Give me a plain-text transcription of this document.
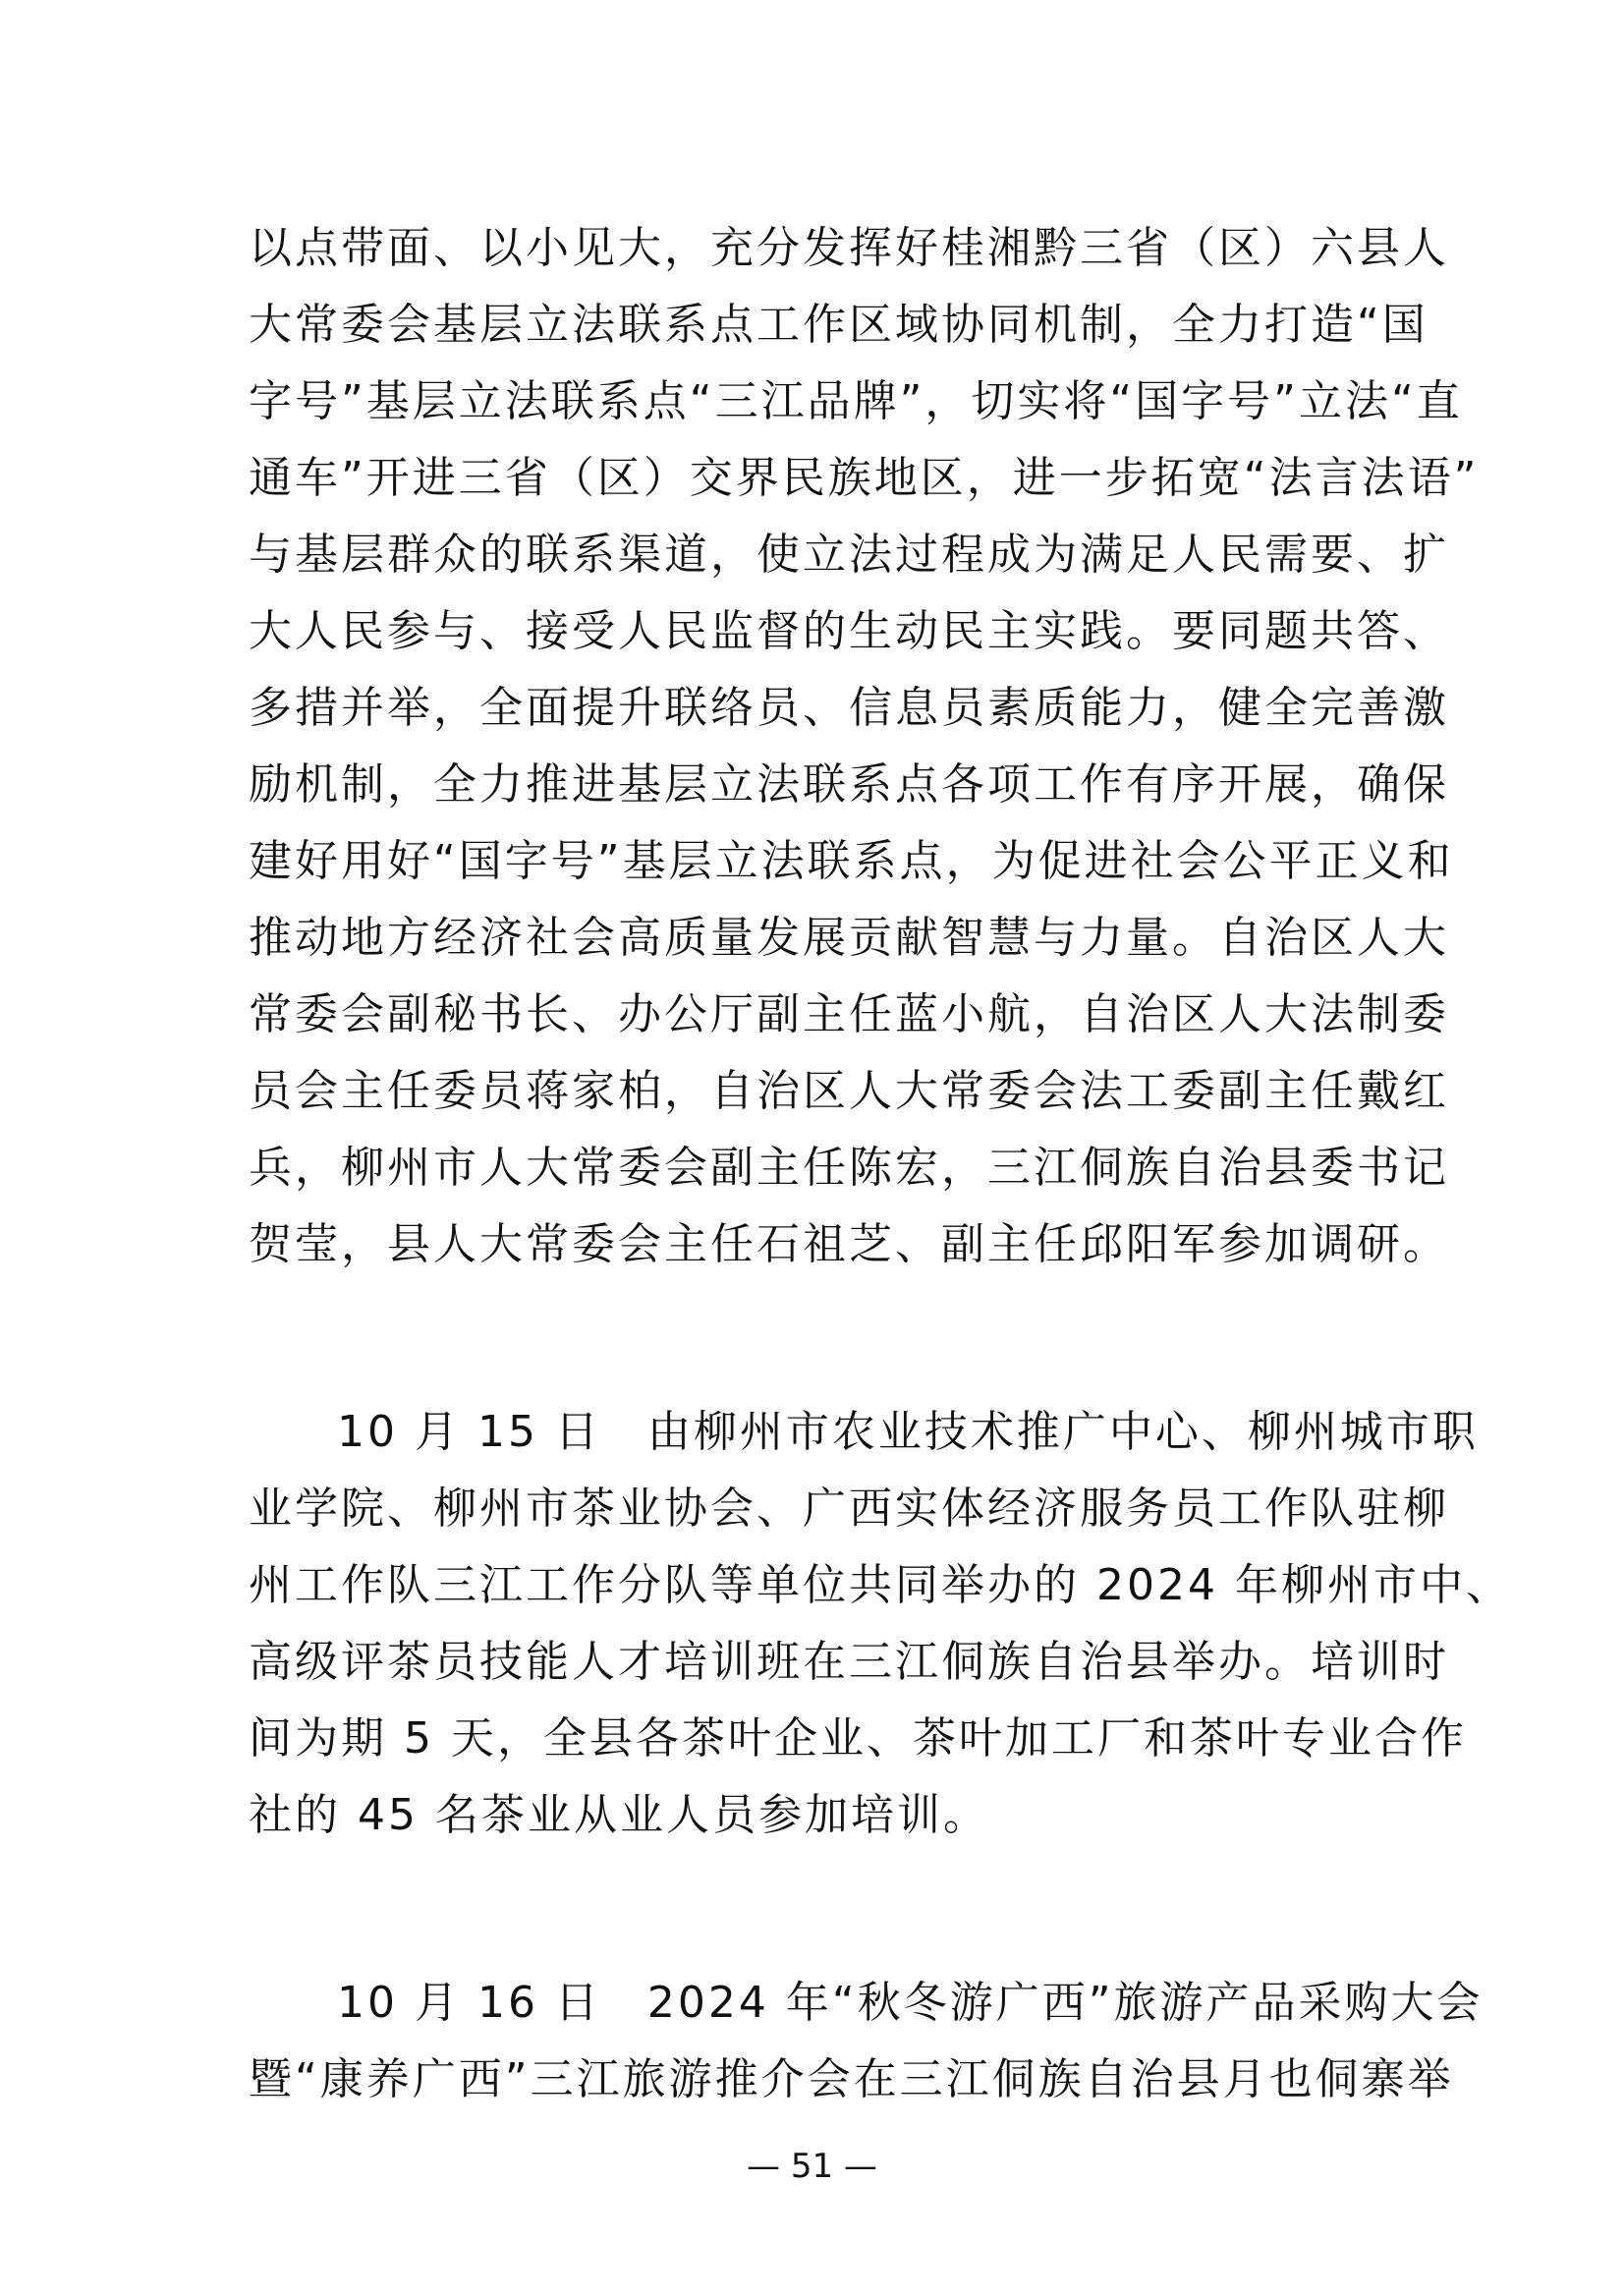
以点带面、以小见大，充分发挥好桂湘黔三省（区）六县人
大常委会基层立法联系点工作区域协同机制，全力打造“国
字号”基层立法联系点“三江品牌”，切实将“国字号”立法“直
通车”开进三省（区）交界民族地区，进一步拓宽“法言法语”
与基层群众的联系渠道，使立法过程成为满足人民需要、扩
大人民参与、接受人民监督的生动民主实践。要同题共答、
多措并举，全面提升联络员、信息员素质能力，健全完善激
励机制，全力推进基层立法联系点各项工作有序开展，确保
建好用好“国字号”基层立法联系点，为促进社会公平正义和
推动地方经济社会高质量发展贡献智慧与力量。自治区人大
常委会副秘书长、办公厅副主任蓝小航，自治区人大法制委
员会主任委员蒋家柏，自治区人大常委会法工委副主任戴红
兵，柳州市人大常委会副主任陈宏，三江侗族自治县委书记
贺莹，县人大常委会主任石祖芝、副主任邱阳军参加调研。
10 月 15 日　由柳州市农业技术推广中心、柳州城市职
业学院、柳州市茶业协会、广西实体经济服务员工作队驻柳
州工作队三江工作分队等单位共同举办的 2024 年柳州市中、
高级评茶员技能人才培训班在三江侗族自治县举办。培训时
间为期 5 天，全县各茶叶企业、茶叶加工厂和茶叶专业合作
社的 45 名茶业从业人员参加培训。
10 月 16 日　2024 年“秋冬游广西”旅游产品采购大会
暨“康养广西”三江旅游推介会在三江侗族自治县月也侗寨举
— 51 —
